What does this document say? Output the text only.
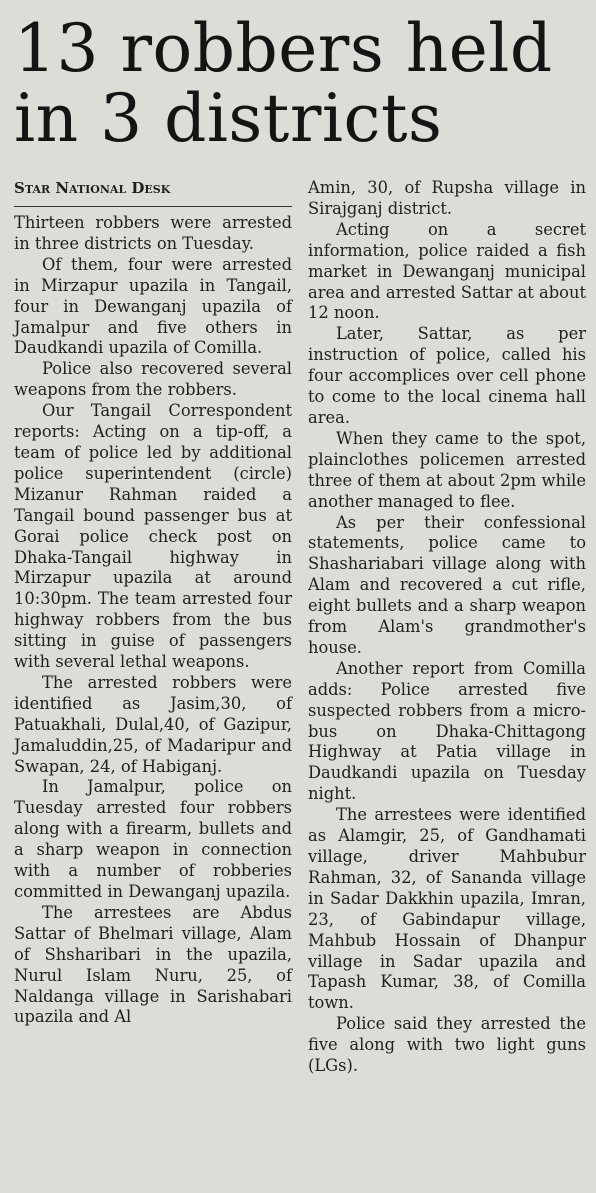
13 robbers held
in 3 districts
Star National Desk

Thirteen robbers were arrested in three districts on Tuesday.

Of them, four were arrested in Mirzapur upazila in Tangail, four in Dewanganj upazila of Jamalpur and five others in Daudkandi upazila of Comilla.

Police also recovered several weapons from the robbers.

Our Tangail Correspondent reports: Acting on a tip-off, a team of police led by additional police superintendent (circle) Mizanur Rahman raided a Tangail bound passenger bus at Gorai police check post on Dhaka-Tangail highway in Mirzapur upazila at around 10:30pm. The team arrested four highway robbers from the bus sitting in guise of passengers with several lethal weapons.

The arrested robbers were identified as Jasim,30, of Patuakhali, Dulal,40, of Gazipur, Jamaluddin,25, of Madaripur and Swapan, 24, of Habiganj.

In Jamalpur, police on Tuesday arrested four robbers along with a firearm, bullets and a sharp weapon in connection with a number of robberies committed in Dewanganj upazila.

The arrestees are Abdus Sattar of Bhelmari village, Alam of Shsharibari in the upazila, Nurul Islam Nuru, 25, of Naldanga village in Sarishabari upazila and Al

Amin, 30, of Rupsha village in Sirajganj district.

Acting on a secret information, police raided a fish market in Dewanganj municipal area and arrested Sattar at about 12 noon.

Later, Sattar, as per instruction of police, called his four accomplices over cell phone to come to the local cinema hall area.

When they came to the spot, plainclothes policemen arrested three of them at about 2pm while another managed to flee.

As per their confessional statements, police came to Shashariabari village along with Alam and recovered a cut rifle, eight bullets and a sharp weapon from Alam's grandmother's house.

Another report from Comilla adds: Police arrested five suspected robbers from a micro-bus on Dhaka-Chittagong Highway at Patia village in Daudkandi upazila on Tuesday night.

The arrestees were identified as Alamgir, 25, of Gandhamati village, driver Mahbubur Rahman, 32, of Sananda village in Sadar Dakkhin upazila, Imran, 23, of Gabindapur village, Mahbub Hossain of Dhanpur village in Sadar upazila and Tapash Kumar, 38, of Comilla town.

Police said they arrested the five along with two light guns (LGs).
